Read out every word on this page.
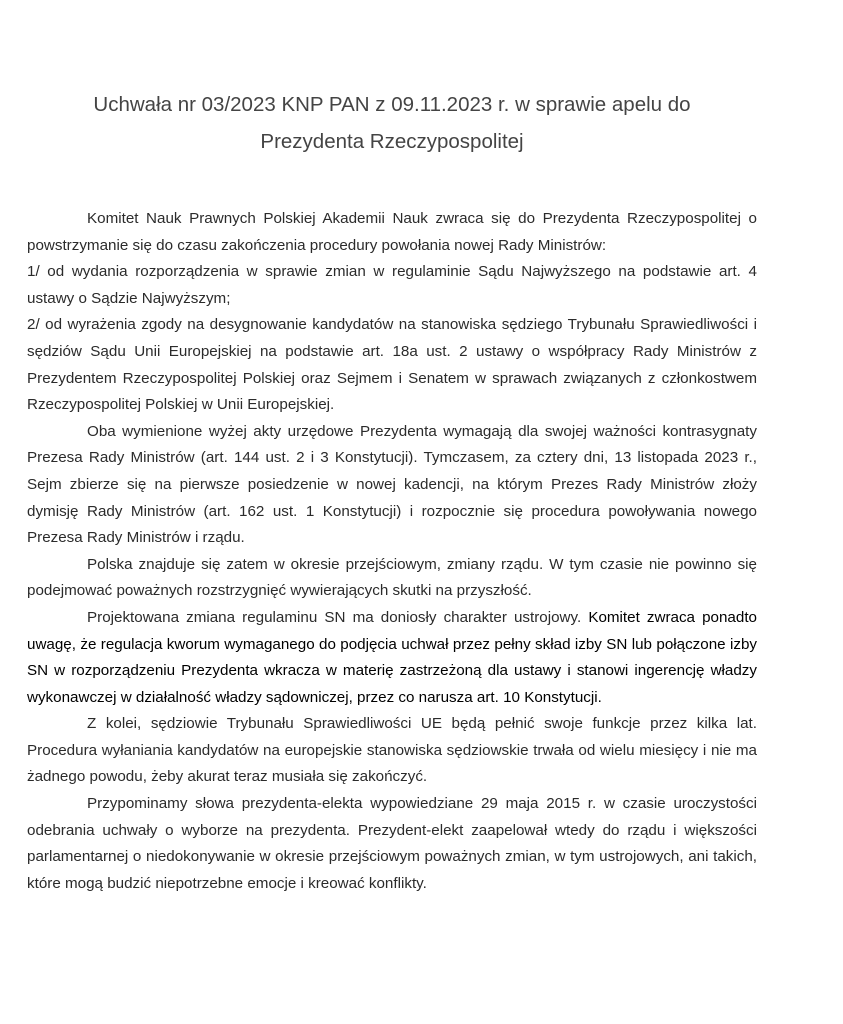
Uchwała nr 03/2023 KNP PAN z 09.11.2023 r. w sprawie apelu do
Prezydenta Rzeczypospolitej

Komitet Nauk Prawnych Polskiej Akademii Nauk zwraca się do Prezydenta Rzeczypospolitej o powstrzymanie się do czasu zakończenia procedury powołania nowej Rady Ministrów:

1/ od wydania rozporządzenia w sprawie zmian w regulaminie Sądu Najwyższego na podstawie art. 4 ustawy o Sądzie Najwyższym;

2/ od wyrażenia zgody na desygnowanie kandydatów na stanowiska sędziego Trybunału Sprawiedliwości i sędziów Sądu Unii Europejskiej na podstawie art. 18a ust. 2 ustawy o współpracy Rady Ministrów z Prezydentem Rzeczypospolitej Polskiej oraz Sejmem i Senatem w sprawach związanych z członkostwem Rzeczypospolitej Polskiej w Unii Europejskiej.

Oba wymienione wyżej akty urzędowe Prezydenta wymagają dla swojej ważności kontrasygnaty Prezesa Rady Ministrów (art. 144 ust. 2 i 3 Konstytucji). Tymczasem, za cztery dni, 13 listopada 2023 r., Sejm zbierze się na pierwsze posiedzenie w nowej kadencji, na którym Prezes Rady Ministrów złoży dymisję Rady Ministrów (art. 162 ust. 1 Konstytucji) i rozpocznie się procedura powoływania nowego Prezesa Rady Ministrów i rządu.

Polska znajduje się zatem w okresie przejściowym, zmiany rządu. W tym czasie nie powinno się podejmować poważnych rozstrzygnięć wywierających skutki na przyszłość.

Projektowana zmiana regulaminu SN ma doniosły charakter ustrojowy. Komitet zwraca ponadto uwagę, że regulacja kworum wymaganego do podjęcia uchwał przez pełny skład izby SN lub połączone izby SN w rozporządzeniu Prezydenta wkracza w materię zastrzeżoną dla ustawy i stanowi ingerencję władzy wykonawczej w działalność władzy sądowniczej, przez co narusza art. 10 Konstytucji.

Z kolei, sędziowie Trybunału Sprawiedliwości UE będą pełnić swoje funkcje przez kilka lat. Procedura wyłaniania kandydatów na europejskie stanowiska sędziowskie trwała od wielu miesięcy i nie ma żadnego powodu, żeby akurat teraz musiała się zakończyć.

Przypominamy słowa prezydenta-elekta wypowiedziane 29 maja 2015 r. w czasie uroczystości odebrania uchwały o wyborze na prezydenta. Prezydent-elekt zaapelował wtedy do rządu i większości parlamentarnej o niedokonywanie w okresie przejściowym poważnych zmian, w tym ustrojowych, ani takich, które mogą budzić niepotrzebne emocje i kreować konflikty.
